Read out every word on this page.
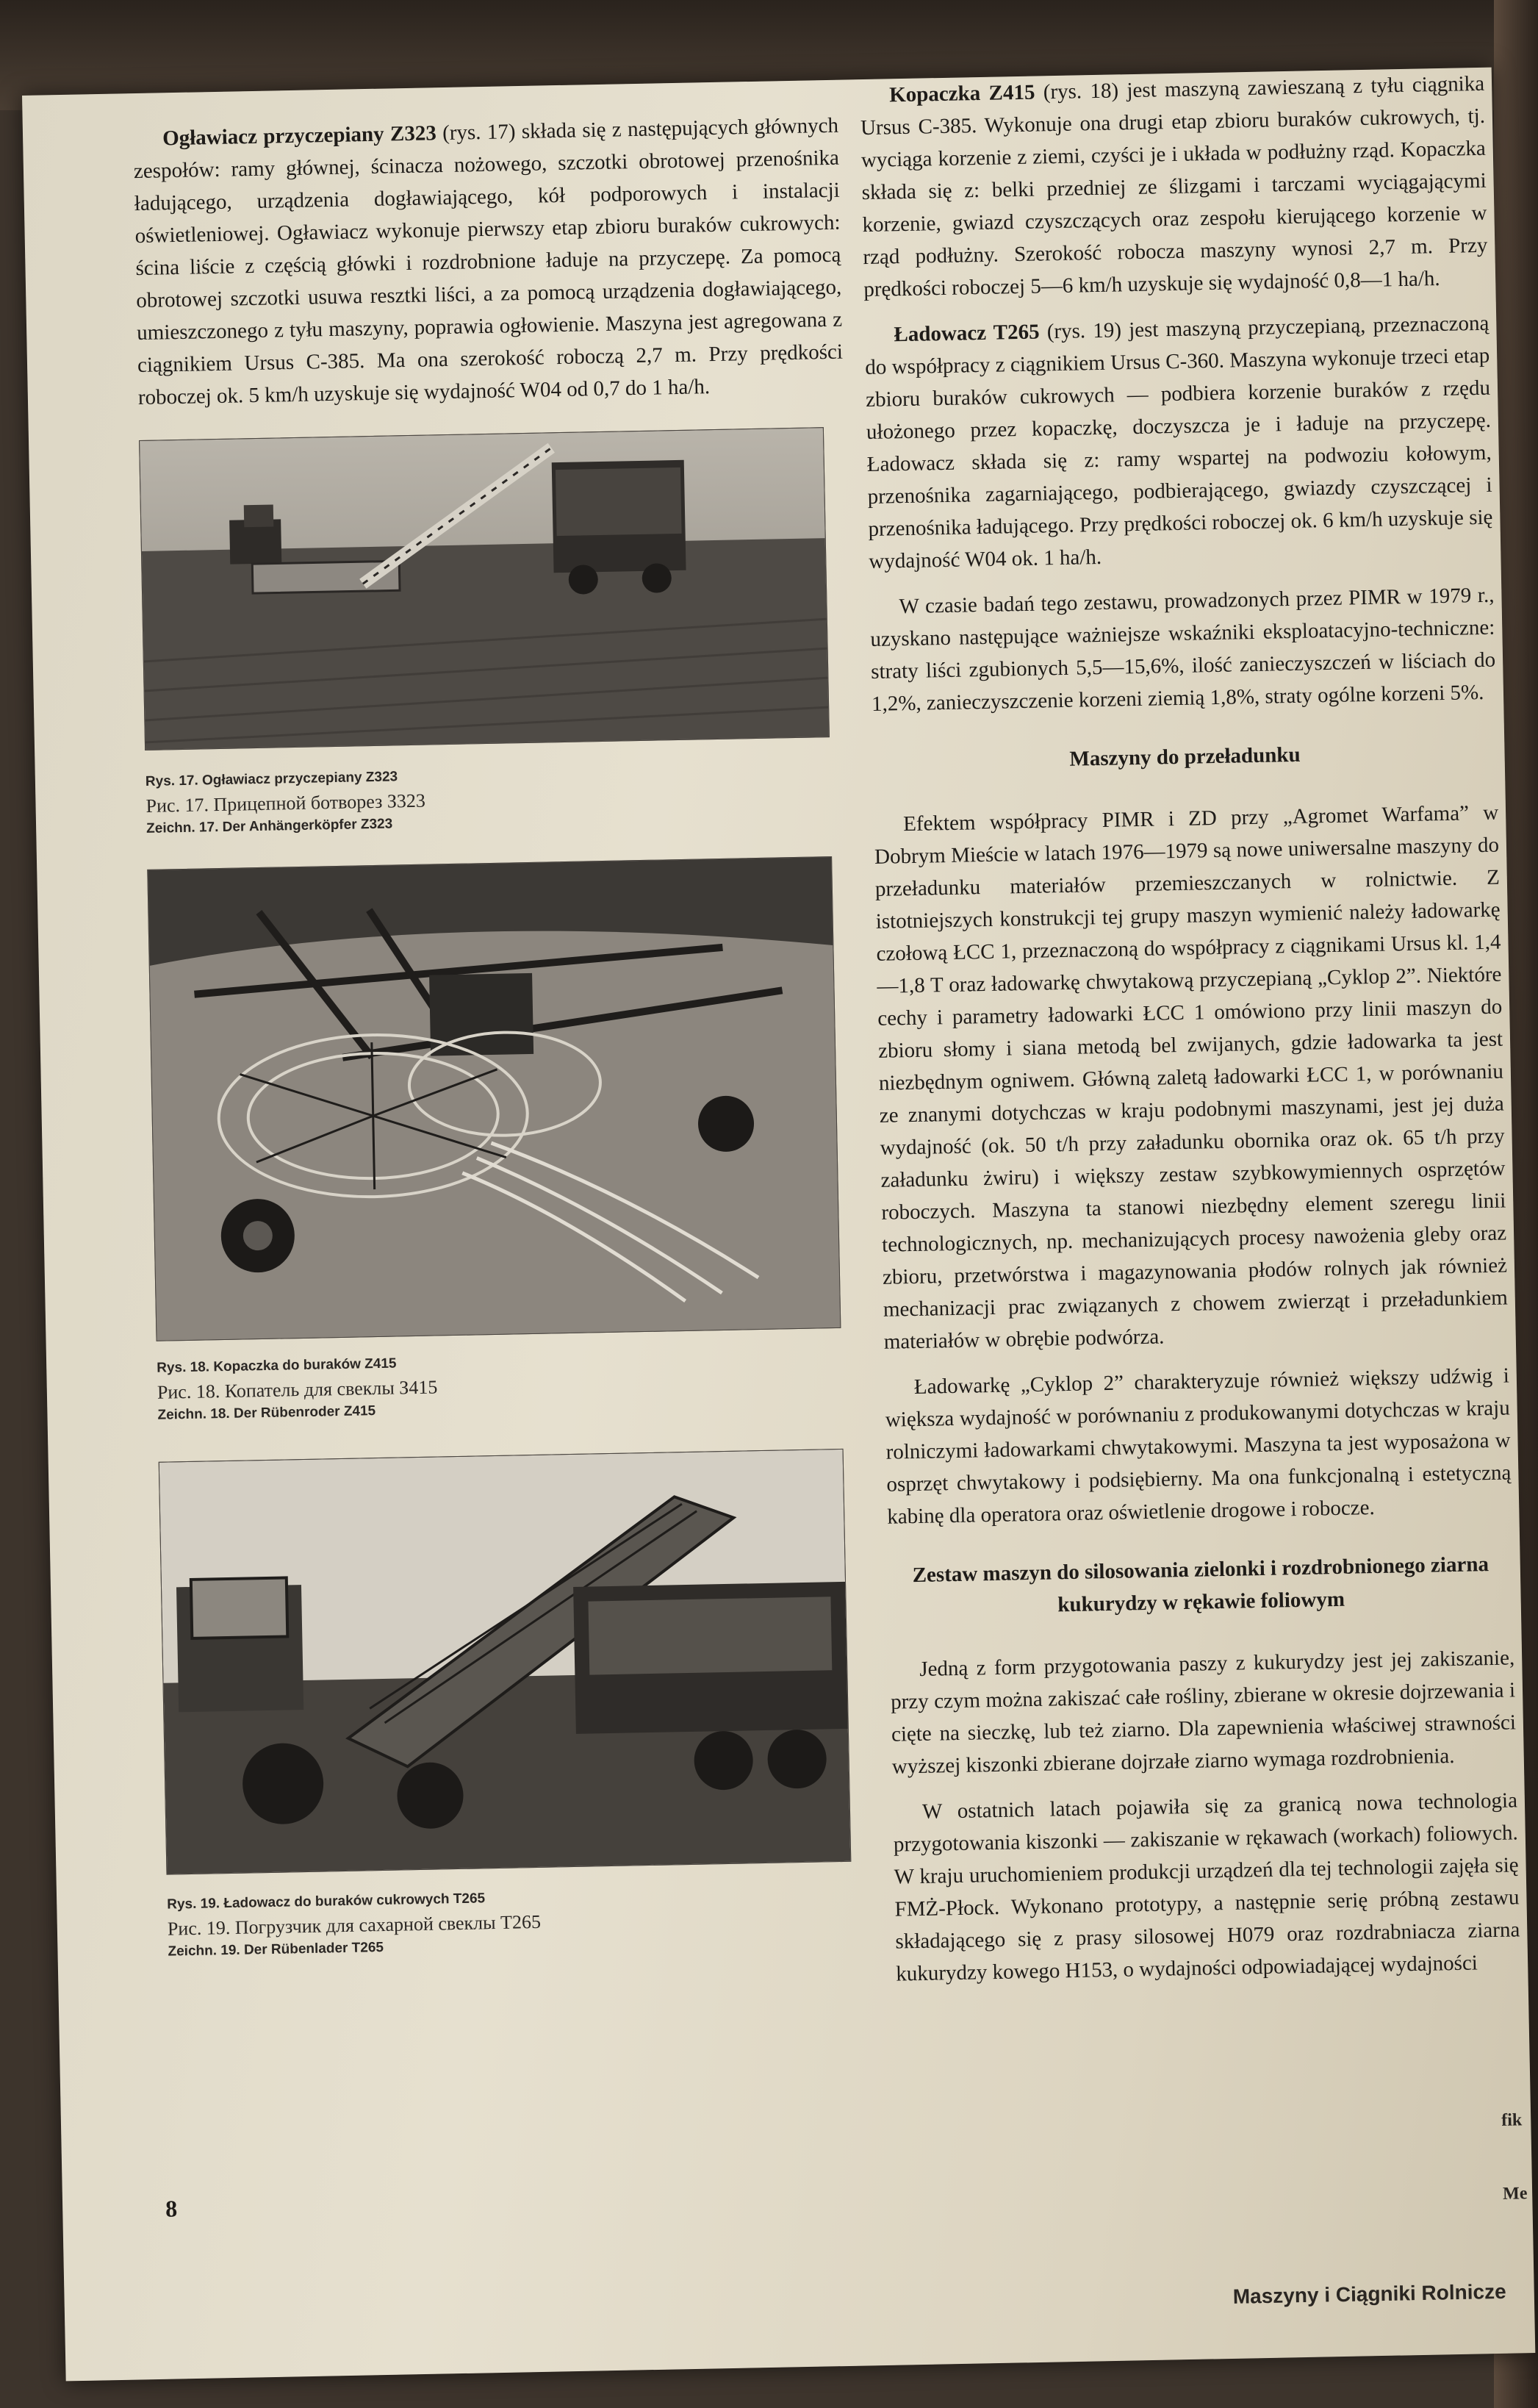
Ogławiacz przyczepiany Z323 (rys. 17) składa się z następujących głównych zespołów: ramy głównej, ścinacza nożowego, szczotki obrotowej przenośnika ładującego, urządzenia dogławiającego, kół podporowych i instalacji oświetleniowej. Ogławiacz wykonuje pierwszy etap zbioru buraków cukrowych: ścina liście z częścią główki i rozdrobnione ładuje na przyczepę. Za pomocą obrotowej szczotki usuwa resztki liści, a za pomocą urządzenia dogławiającego, umieszczonego z tyłu maszyny, poprawia ogłowienie. Maszyna jest agregowana z ciągnikiem Ursus C-385. Ma ona szerokość roboczą 2,7 m. Przy prędkości roboczej ok. 5 km/h uzyskuje się wydajność W04 od 0,7 do 1 ha/h.

Rys. 17. Ogławiacz przyczepiany Z323
Рис. 17. Прицепной ботворез З323
Zeichn. 17. Der Anhängerköpfer Z323
Rys. 18. Kopaczka do buraków Z415
Рис. 18. Копатель для свеклы З415
Zeichn. 18. Der Rübenroder Z415
Rys. 19. Ładowacz do buraków cukrowych T265
Рис. 19. Погрузчик для сахарной свеклы Т265
Zeichn. 19. Der Rübenlader T265
8

Kopaczka Z415 (rys. 18) jest maszyną zawieszaną z tyłu ciągnika Ursus C-385. Wykonuje ona drugi etap zbioru buraków cukrowych, tj. wyciąga korzenie z ziemi, czyści je i układa w podłużny rząd. Kopaczka składa się z: belki przedniej ze ślizgami i tarczami wyciągającymi korzenie, gwiazd czyszczących oraz zespołu kierującego korzenie w rząd podłużny. Szerokość robocza maszyny wynosi 2,7 m. Przy prędkości roboczej 5—6 km/h uzyskuje się wydajność 0,8—1 ha/h.

Ładowacz T265 (rys. 19) jest maszyną przyczepianą, przeznaczoną do współpracy z ciągnikiem Ursus C-360. Maszyna wykonuje trzeci etap zbioru buraków cukrowych — podbiera korzenie buraków z rzędu ułożonego przez kopaczkę, doczyszcza je i ładuje na przyczepę. Ładowacz składa się z: ramy wspartej na podwoziu kołowym, przenośnika zagarniającego, podbierającego, gwiazdy czyszczącej i przenośnika ładującego. Przy prędkości roboczej ok. 6 km/h uzyskuje się wydajność W04 ok. 1 ha/h.

W czasie badań tego zestawu, prowadzonych przez PIMR w 1979 r., uzyskano następujące ważniejsze wskaźniki eksploatacyjno-techniczne: straty liści zgubionych 5,5—15,6%, ilość zanieczyszczeń w liściach do 1,2%, zanieczyszczenie korzeni ziemią 1,8%, straty ogólne korzeni 5%.

Maszyny do przeładunku

Efektem współpracy PIMR i ZD przy „Agromet Warfama” w Dobrym Mieście w latach 1976—1979 są nowe uniwersalne maszyny do przeładunku materiałów przemieszczanych w rolnictwie. Z istotniejszych konstrukcji tej grupy maszyn wymienić należy ładowarkę czołową ŁCC 1, przeznaczoną do współpracy z ciągnikami Ursus kl. 1,4—1,8 T oraz ładowarkę chwytakową przyczepianą „Cyklop 2”. Niektóre cechy i parametry ładowarki ŁCC 1 omówiono przy linii maszyn do zbioru słomy i siana metodą bel zwijanych, gdzie ładowarka ta jest niezbędnym ogniwem. Główną zaletą ładowarki ŁCC 1, w porównaniu ze znanymi dotychczas w kraju podobnymi maszynami, jest jej duża wydajność (ok. 50 t/h przy załadunku obornika oraz ok. 65 t/h przy załadunku żwiru) i większy zestaw szybkowymiennych osprzętów roboczych. Maszyna ta stanowi niezbędny element szeregu linii technologicznych, np. mechanizujących procesy nawożenia gleby oraz zbioru, przetwórstwa i magazynowania płodów rolnych jak również mechanizacji prac związanych z chowem zwierząt i przeładunkiem materiałów w obrębie podwórza.

Ładowarkę „Cyklop 2” charakteryzuje również większy udźwig i większa wydajność w porównaniu z produkowanymi dotychczas w kraju rolniczymi ładowarkami chwytakowymi. Maszyna ta jest wyposażona w osprzęt chwytakowy i podsiębierny. Ma ona funkcjonalną i estetyczną kabinę dla operatora oraz oświetlenie drogowe i robocze.

Zestaw maszyn do silosowania zielonki i rozdrobnionego ziarna kukurydzy w rękawie foliowym

Jedną z form przygotowania paszy z kukurydzy jest jej zakiszanie, przy czym można zakiszać całe rośliny, zbierane w okresie dojrzewania i cięte na sieczkę, lub też ziarno. Dla zapewnienia właściwej strawności wyższej kiszonki zbierane dojrzałe ziarno wymaga rozdrobnienia.

W ostatnich latach pojawiła się za granicą nowa technologia przygotowania kiszonki — zakiszanie w rękawach (workach) foliowych. W kraju uruchomieniem produkcji urządzeń dla tej technologii zajęła się FMŻ-Płock. Wykonano prototypy, a następnie serię próbną zestawu składającego się z prasy silosowej H079 oraz rozdrabniacza ziarna kukurydzy kowego H153, o wydajności odpowiadającej wydajności

Maszyny i Ciągniki Rolnicze
fik
Me
